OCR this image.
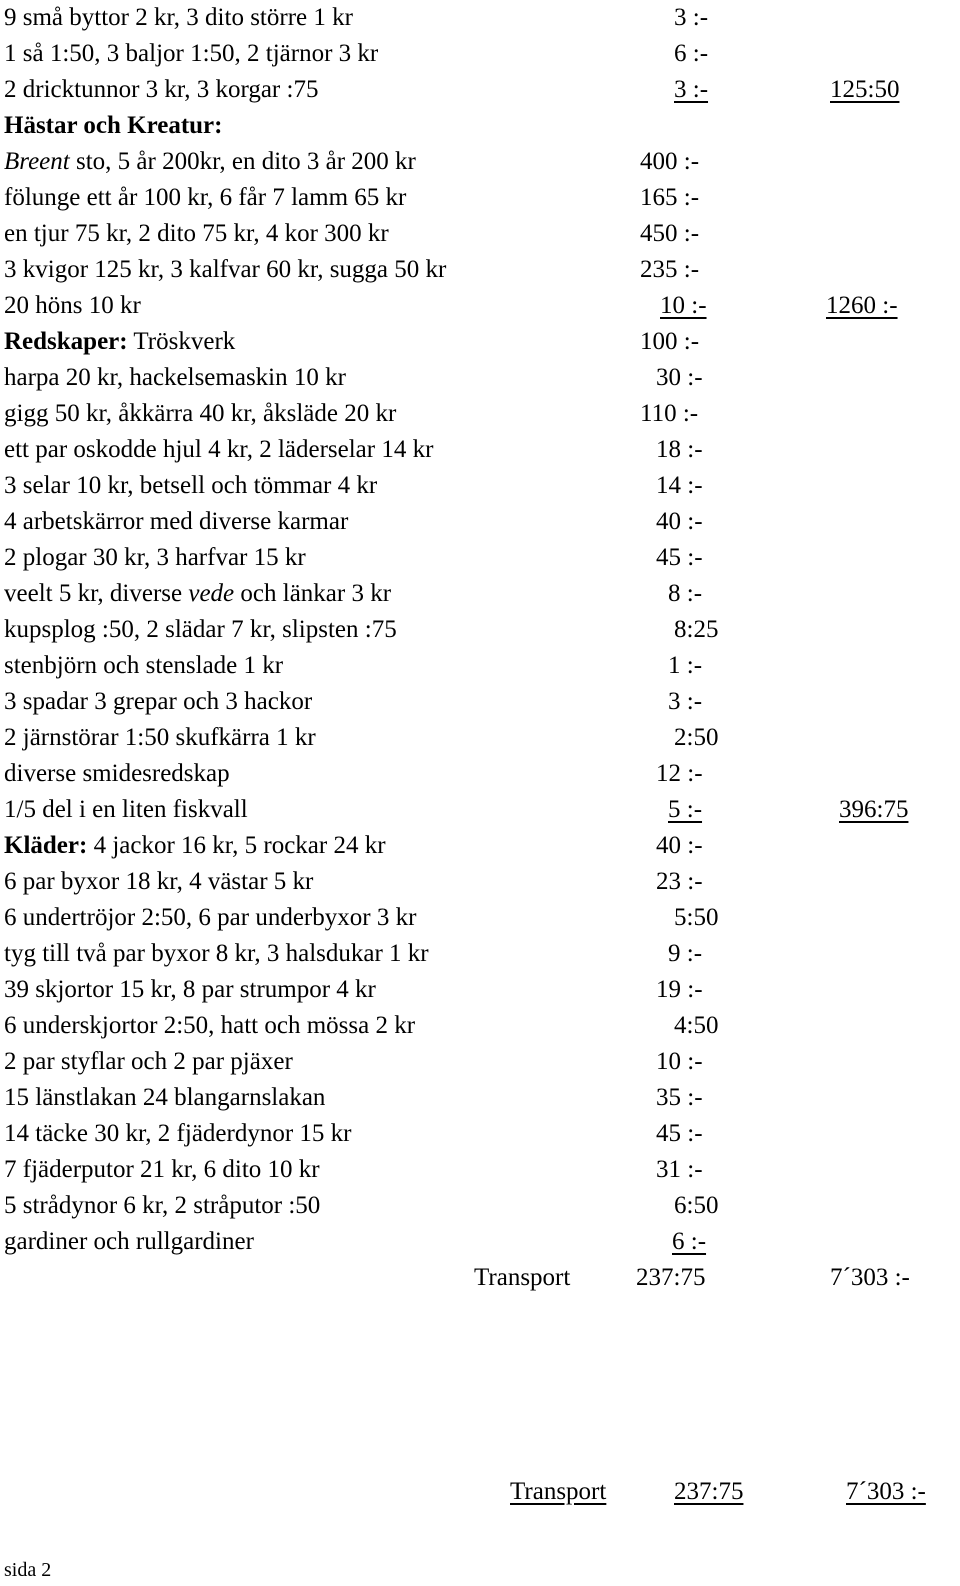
9 små byttor 2 kr, 3 dito större 1 kr	3 :-
1 så 1:50, 3 baljor 1:50, 2 tjärnor 3 kr	6 :-
2 dricktunnor 3 kr, 3 korgar :75	3 :-	125:50
Hästar och Kreatur:
Breent sto, 5 år 200kr, en dito 3 år 200 kr	400 :-
fölunge ett år 100 kr, 6 får 7 lamm 65 kr	165 :-
en tjur 75 kr, 2 dito 75 kr, 4 kor 300 kr	450 :-
3 kvigor 125 kr, 3 kalfvar 60 kr, sugga 50 kr	235 :-
20 höns 10 kr	10 :-	1260 :-
Redskaper: Tröskverk	100 :-
harpa 20 kr, hackelsemaskin 10 kr	30 :-
gigg 50 kr, åkkärra 40 kr, åksläde 20 kr	110 :-
ett par oskodde hjul 4 kr, 2 läderselar 14 kr	18 :-
3 selar 10 kr, betsell och tömmar 4 kr	14 :-
4 arbetskärror med diverse karmar	40 :-
2 plogar 30 kr, 3 harfvar 15 kr	45 :-
veelt 5 kr, diverse vede och länkar 3 kr	8 :-
kupsplog :50, 2 slädar 7 kr, slipsten :75	8:25
stenbjörn och stenslade 1 kr	1 :-
3 spadar 3 grepar och 3 hackor	3 :-
2 järnstörar 1:50 skufkärra 1 kr	2:50
diverse smidesredskap	12 :-
1/5 del i en liten fiskvall	5 :-	396:75
Kläder: 4 jackor 16 kr, 5 rockar 24 kr	40 :-
6 par byxor 18 kr, 4 västar 5 kr	23 :-
6 undertröjor 2:50, 6 par underbyxor 3 kr	5:50
tyg till två par byxor 8 kr, 3 halsdukar 1 kr	9 :-
39 skjortor 15 kr, 8 par strumpor 4 kr	19 :-
6 underskjortor 2:50, hatt och mössa 2 kr	4:50
2 par styflar och 2 par pjäxer	10 :-
15 länstlakan 24 blangarnslakan	35 :-
14 täcke 30 kr, 2 fjäderdynor 15 kr	45 :-
7 fjäderputor 21 kr, 6 dito 10 kr	31 :-
5 strådynor 6 kr, 2 stråputor :50	6:50
gardiner och rullgardiner	6 :-
Transport	237:75	7´303 :-
Transport	237:75	7´303 :-
sida 2
